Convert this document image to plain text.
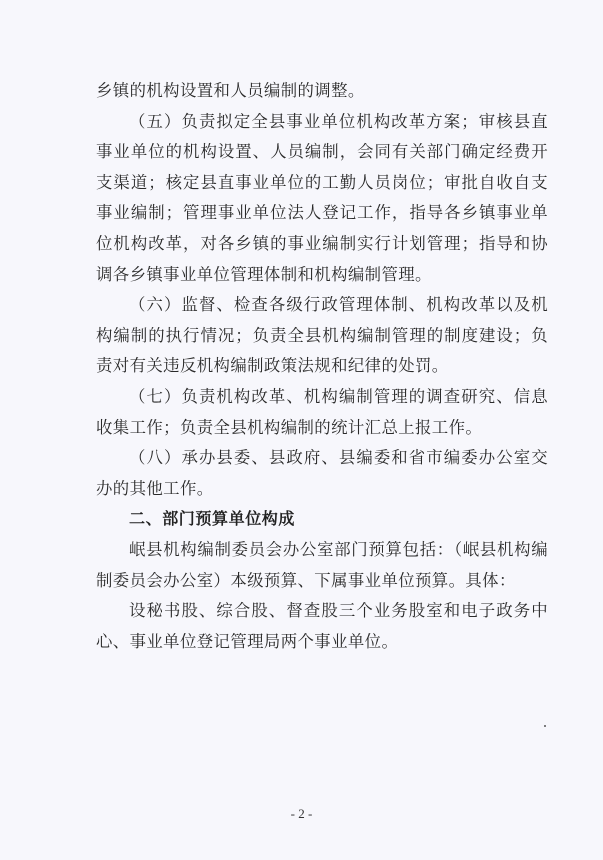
乡镇的机构设置和人员编制的调整。

（五）负责拟定全县事业单位机构改革方案；审核县直事业单位的机构设置、人员编制，会同有关部门确定经费开支渠道；核定县直事业单位的工勤人员岗位；审批自收自支事业编制；管理事业单位法人登记工作，指导各乡镇事业单位机构改革，对各乡镇的事业编制实行计划管理；指导和协调各乡镇事业单位管理体制和机构编制管理。

（六）监督、检查各级行政管理体制、机构改革以及机构编制的执行情况；负责全县机构编制管理的制度建设；负责对有关违反机构编制政策法规和纪律的处罚。

（七）负责机构改革、机构编制管理的调查研究、信息收集工作；负责全县机构编制的统计汇总上报工作。

（八）承办县委、县政府、县编委和省市编委办公室交办的其他工作。

二、部门预算单位构成

岷县机构编制委员会办公室部门预算包括：（岷县机构编制委员会办公室）本级预算、下属事业单位预算。具体：

设秘书股、综合股、督查股三个业务股室和电子政务中心、事业单位登记管理局两个事业单位。

- 2 -
